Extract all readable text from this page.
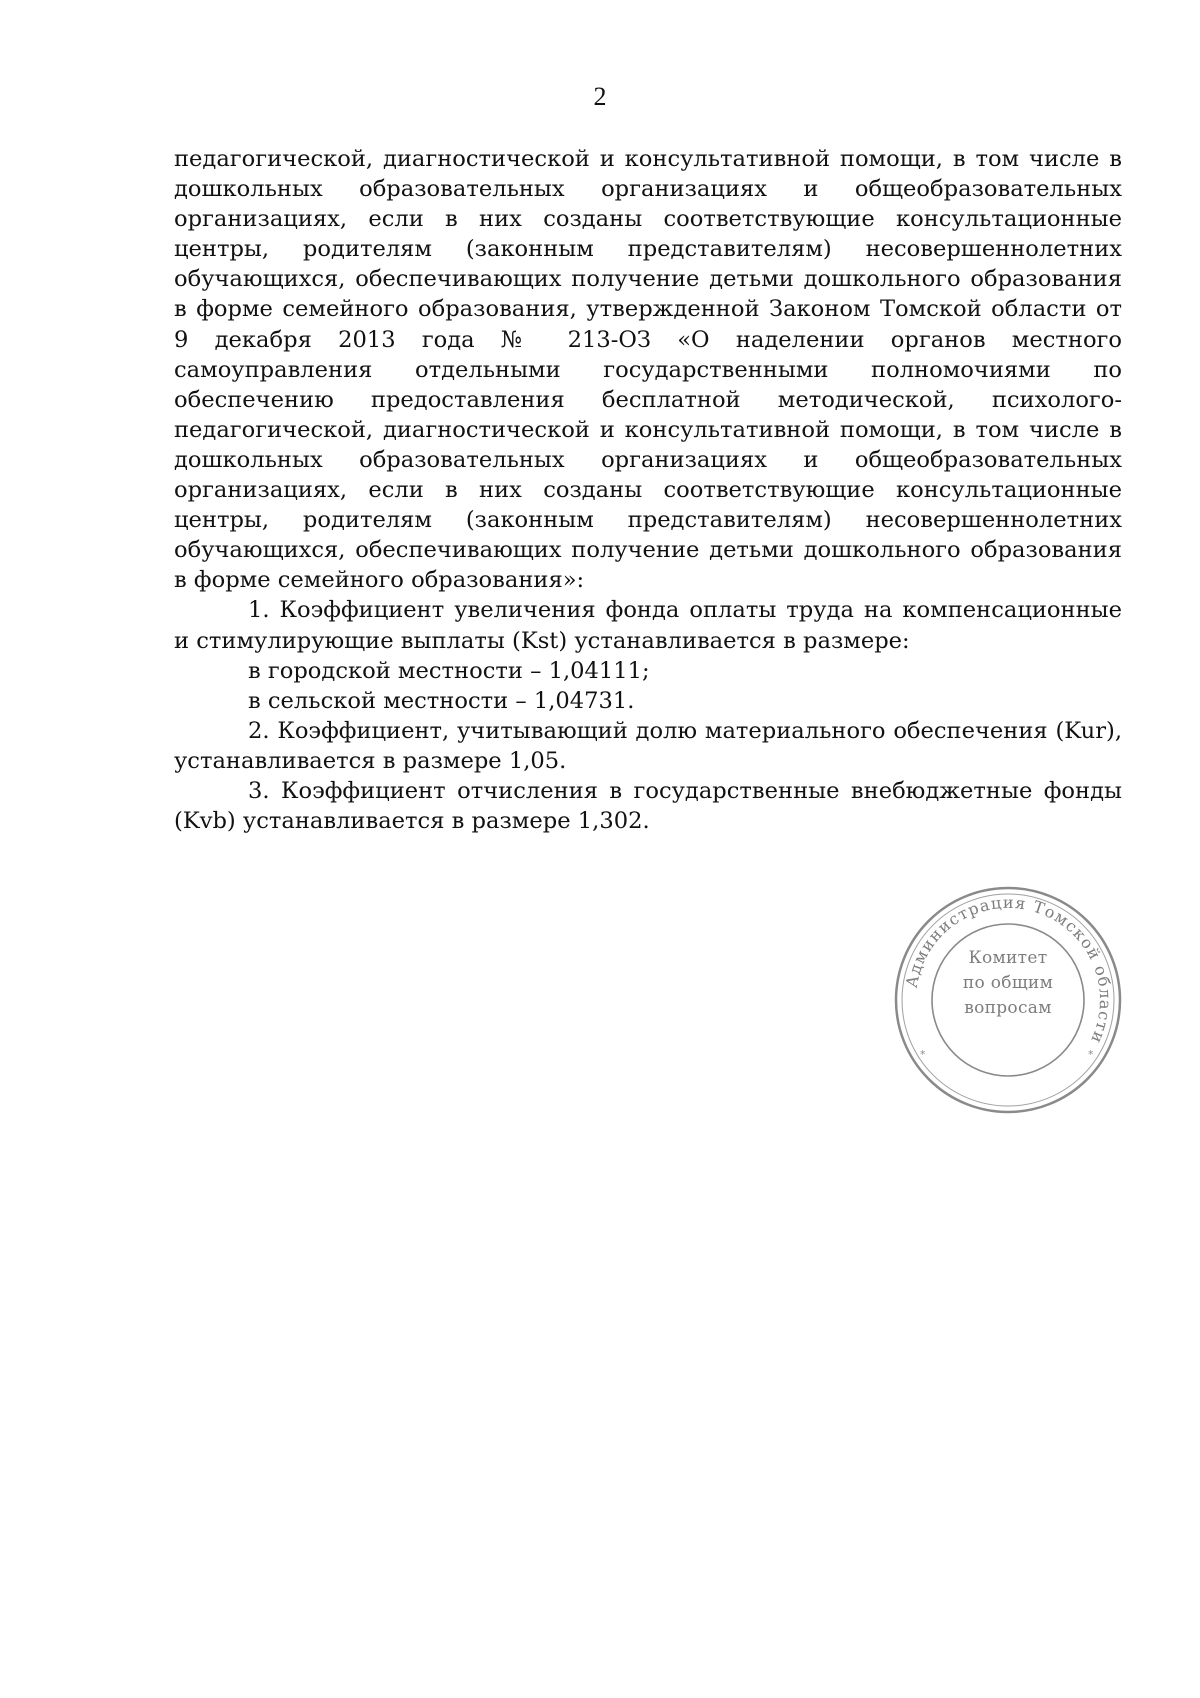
2

педагогической, диагностической и консультативной помощи, в том числе в дошкольных образовательных организациях и общеобразовательных организациях, если в них созданы соответствующие консультационные центры, родителям (законным представителям) несовершеннолетних обучающихся, обеспечивающих получение детьми дошкольного образования в форме семейного образования, утвержденной Законом Томской области от 9 декабря 2013 года № 213-ОЗ «О наделении органов местного самоуправления отдельными государственными полномочиями по обеспечению предоставления бесплатной методической, психолого-педагогической, диагностической и консультативной помощи, в том числе в дошкольных образовательных организациях и общеобразовательных организациях, если в них созданы соответствующие консультационные центры, родителям (законным представителям) несовершеннолетних обучающихся, обеспечивающих получение детьми дошкольного образования в форме семейного образования»:

1. Коэффициент увеличения фонда оплаты труда на компенсационные и стимулирующие выплаты (Kst) устанавливается в размере:

в городской местности – 1,04111;

в сельской местности – 1,04731.

2. Коэффициент, учитывающий долю материального обеспечения (Kur), устанавливается в размере 1,05.

3. Коэффициент отчисления в государственные внебюджетные фонды (Kvb) устанавливается в размере 1,302.

Администрация Томской области
*	*
Комитет
по общим
вопросам
